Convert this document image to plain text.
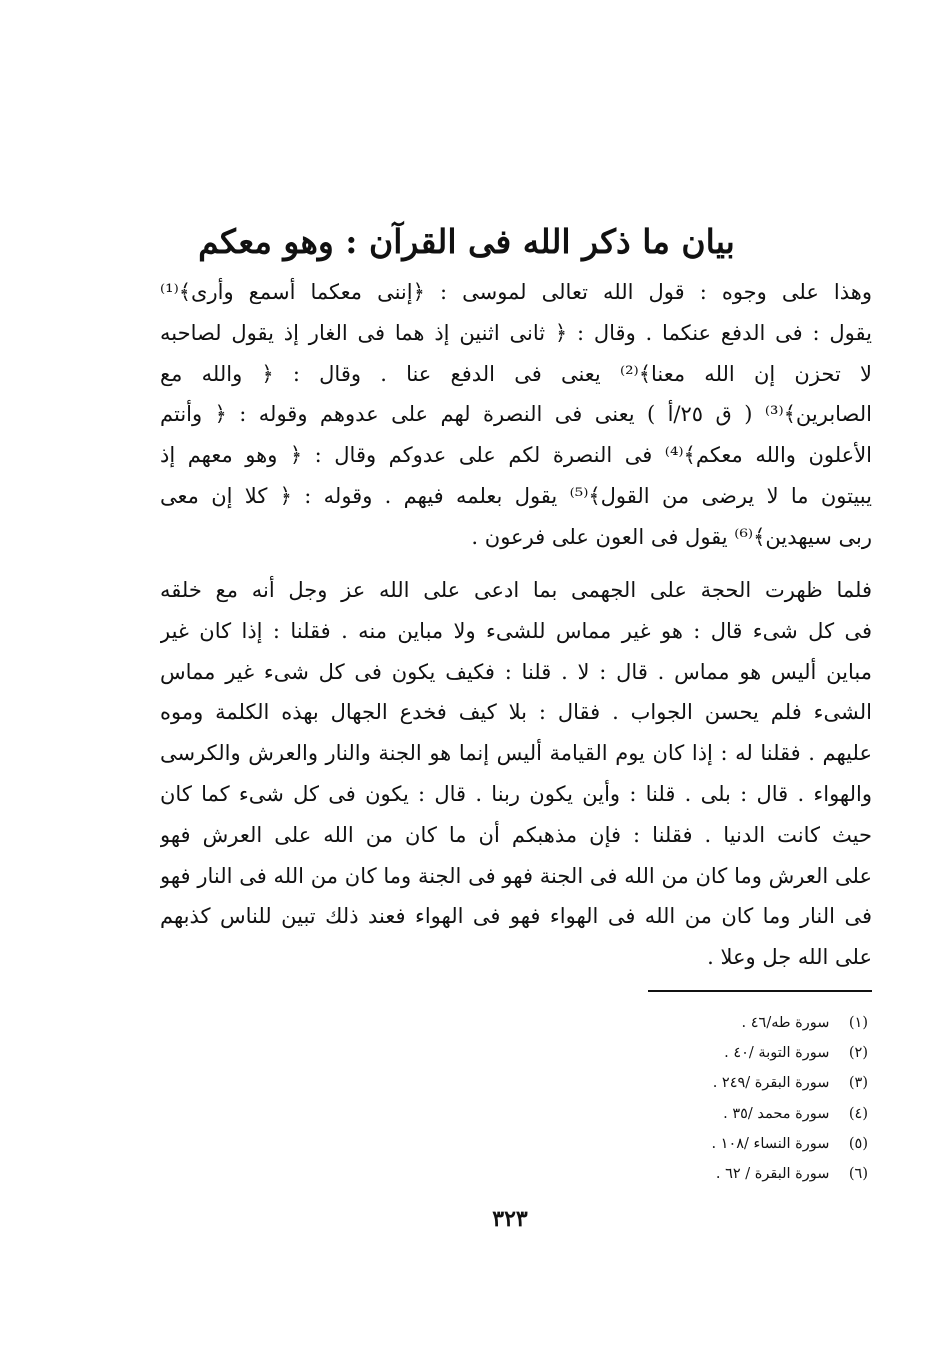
بيان ما ذكر الله فى القرآن : وهو معكم
وهذا على وجوه : قول الله تعالى لموسى : ﴿إننى معكما أسمع وأرى﴾⁽¹⁾
يقول : فى الدفع عنكما . وقال : ﴿ ثانى اثنين إذ هما فى الغار إذ يقول لصاحبه
لا تحزن إن الله معنا﴾⁽²⁾ يعنى فى الدفع عنا . وقال : ﴿ والله مع
الصابرين﴾⁽³⁾ ( ق ٢٥/أ ) يعنى فى النصرة لهم على عدوهم وقوله : ﴿ وأنتم
الأعلون والله معكم﴾⁽⁴⁾ فى النصرة لكم على عدوكم وقال : ﴿ وهو معهم إذ
يبيتون ما لا يرضى من القول﴾⁽⁵⁾ يقول بعلمه فيهم . وقوله : ﴿ كلا إن معى
ربى سيهدين﴾⁽⁶⁾ يقول فى العون على فرعون .
فلما ظهرت الحجة على الجهمى بما ادعى على الله عز وجل أنه مع خلقه
فى كل شىء قال : هو غير مماس للشىء ولا مباين منه . فقلنا : إذا كان غير
مباين أليس هو مماس . قال : لا . قلنا : فكيف يكون فى كل شىء غير مماس
الشىء فلم يحسن الجواب . فقال : بلا كيف فخدع الجهال بهذه الكلمة وموه
عليهم . فقلنا له : إذا كان يوم القيامة أليس إنما هو الجنة والنار والعرش والكرسى
والهواء . قال : بلى . قلنا : وأين يكون ربنا . قال : يكون فى كل شىء كما كان
حيث كانت الدنيا . فقلنا : فإن مذهبكم أن ما كان من الله على العرش فهو
على العرش وما كان من الله فى الجنة فهو فى الجنة وما كان من الله فى النار فهو
فى النار وما كان من الله فى الهواء فهو فى الهواء فعند ذلك تبين للناس كذبهم
على الله جل وعلا .
(١) سورة طه/٤٦ .
(٢) سورة التوبة /٤٠ .
(٣) سورة البقرة /٢٤٩ .
(٤) سورة محمد /٣٥ .
(٥) سورة النساء /١٠٨ .
(٦) سورة البقرة / ٦٢ .
٣٢٣
